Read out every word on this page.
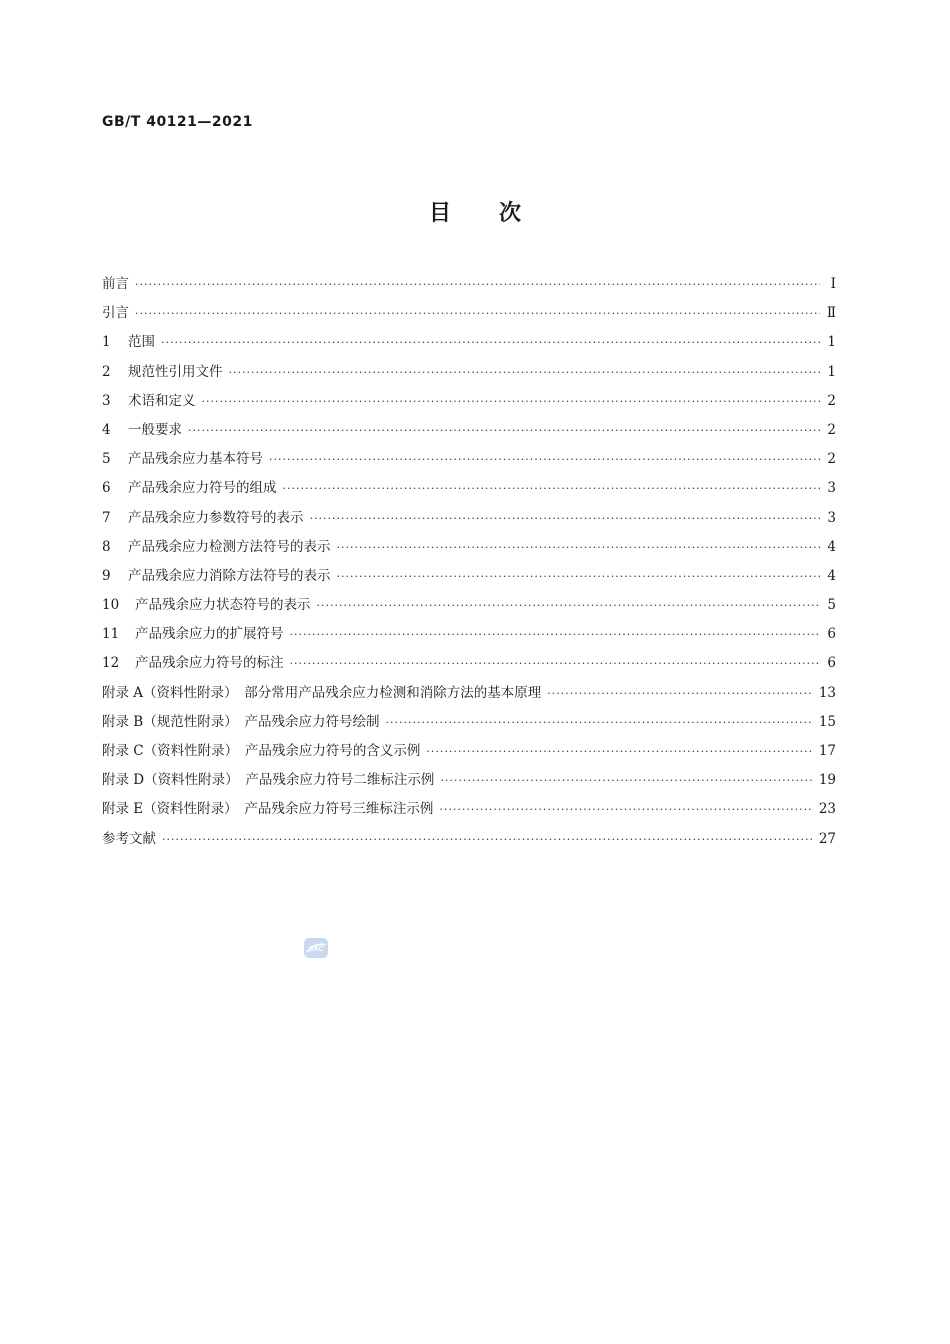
GB/T 40121—2021
目 次
前言 ·····	Ⅰ
引言 ·····	Ⅱ
1	范围 ·····	1
2	规范性引用文件 ·····	1
3	术语和定义 ·····	2
4	一般要求 ·····	2
5	产品残余应力基本符号 ·····	2
6	产品残余应力符号的组成 ·····	3
7	产品残余应力参数符号的表示 ·····	3
8	产品残余应力检测方法符号的表示 ·····	4
9	产品残余应力消除方法符号的表示 ·····	4
10	产品残余应力状态符号的表示 ·····	5
11	产品残余应力的扩展符号 ·····	6
12	产品残余应力符号的标注 ·····	6
附录 A（资料性附录）　部分常用产品残余应力检测和消除方法的基本原理 ·····	13
附录 B（规范性附录）　产品残余应力符号绘制 ·····	15
附录 C（资料性附录）　产品残余应力符号的含义示例 ·····	17
附录 D（资料性附录）　产品残余应力符号二维标注示例 ·····	19
附录 E（资料性附录）　产品残余应力符号三维标注示例 ·····	23
参考文献 ·····	27
SAC
